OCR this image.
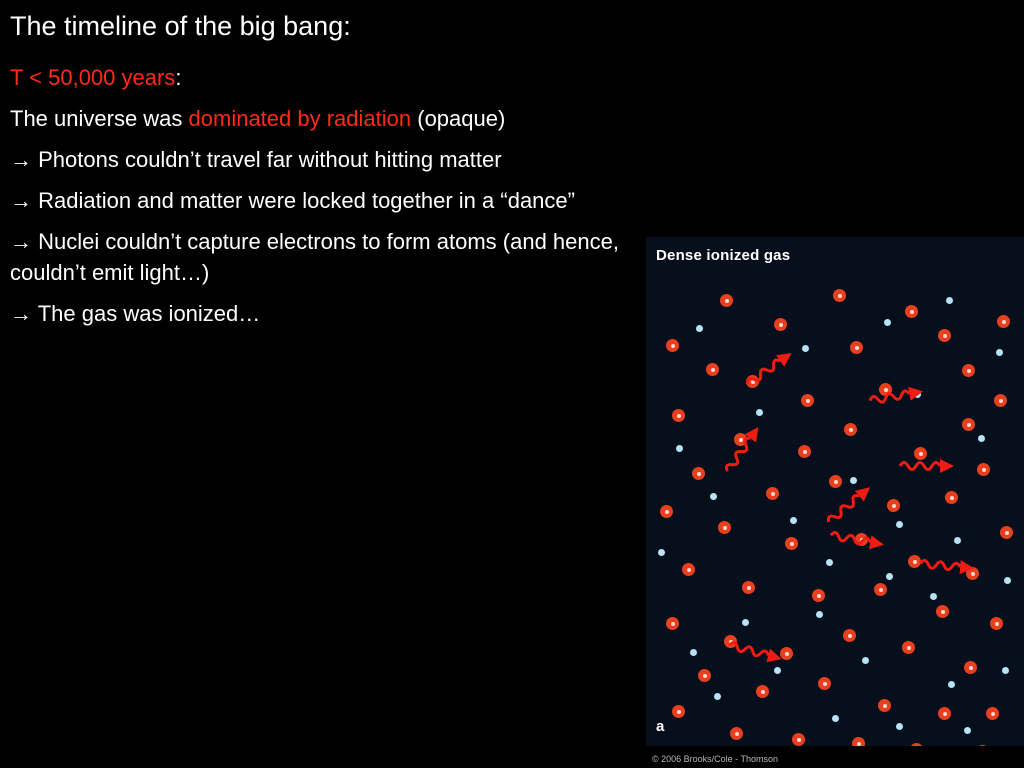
The timeline of the big bang:

T < 50,000 years:

The universe was dominated by radiation (opaque)

→ Photons couldn’t travel far without hitting matter

→ Radiation and matter were locked together in a “dance”

→ Nuclei couldn’t capture electrons to form atoms (and hence, couldn’t emit light…)

→ The gas was ionized…

Dense ionized gas
a
© 2006 Brooks/Cole - Thomson
